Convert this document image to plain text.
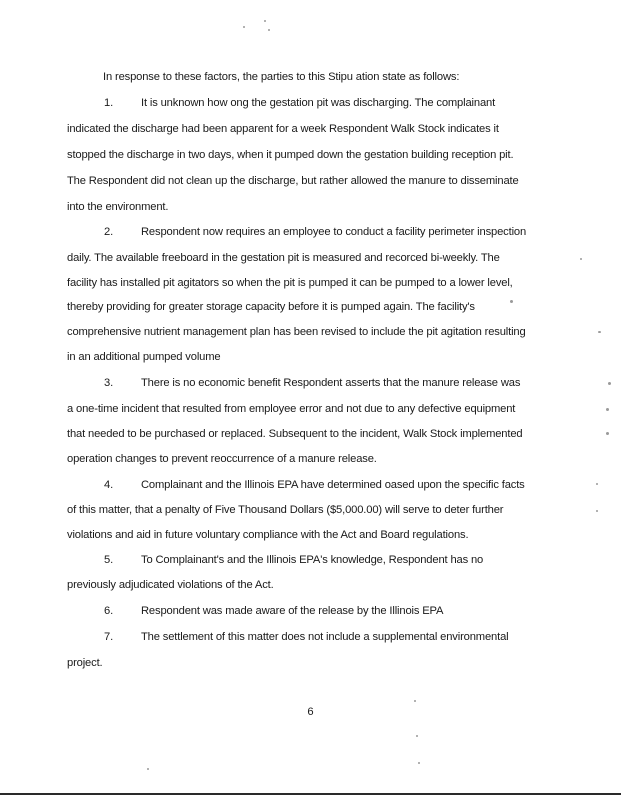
In response to these factors, the parties to this Stipu ation state as follows:
1. It is unknown how ong the gestation pit was discharging. The complainant
indicated the discharge had been apparent for a week Respondent Walk Stock indicates it
stopped the discharge in two days, when it pumped down the gestation building reception pit.
The Respondent did not clean up the discharge, but rather allowed the manure to disseminate
into the environment.
2. Respondent now requires an employee to conduct a facility perimeter inspection
daily. The available freeboard in the gestation pit is measured and recorced bi-weekly. The
facility has installed pit agitators so when the pit is pumped it can be pumped to a lower level,
thereby providing for greater storage capacity before it is pumped again. The facility's
comprehensive nutrient management plan has been revised to include the pit agitation resulting
in an additional pumped volume
3. There is no economic benefit Respondent asserts that the manure release was
a one-time incident that resulted from employee error and not due to any defective equipment
that needed to be purchased or replaced. Subsequent to the incident, Walk Stock implemented
operation changes to prevent reoccurrence of a manure release.
4. Complainant and the Illinois EPA have determined oased upon the specific facts
of this matter, that a penalty of Five Thousand Dollars ($5,000.00) will serve to deter further
violations and aid in future voluntary compliance with the Act and Board regulations.
5. To Complainant's and the Illinois EPA's knowledge, Respondent has no
previously adjudicated violations of the Act.
6. Respondent was made aware of the release by the Illinois EPA
7. The settlement of this matter does not include a supplemental environmental
project.
6
